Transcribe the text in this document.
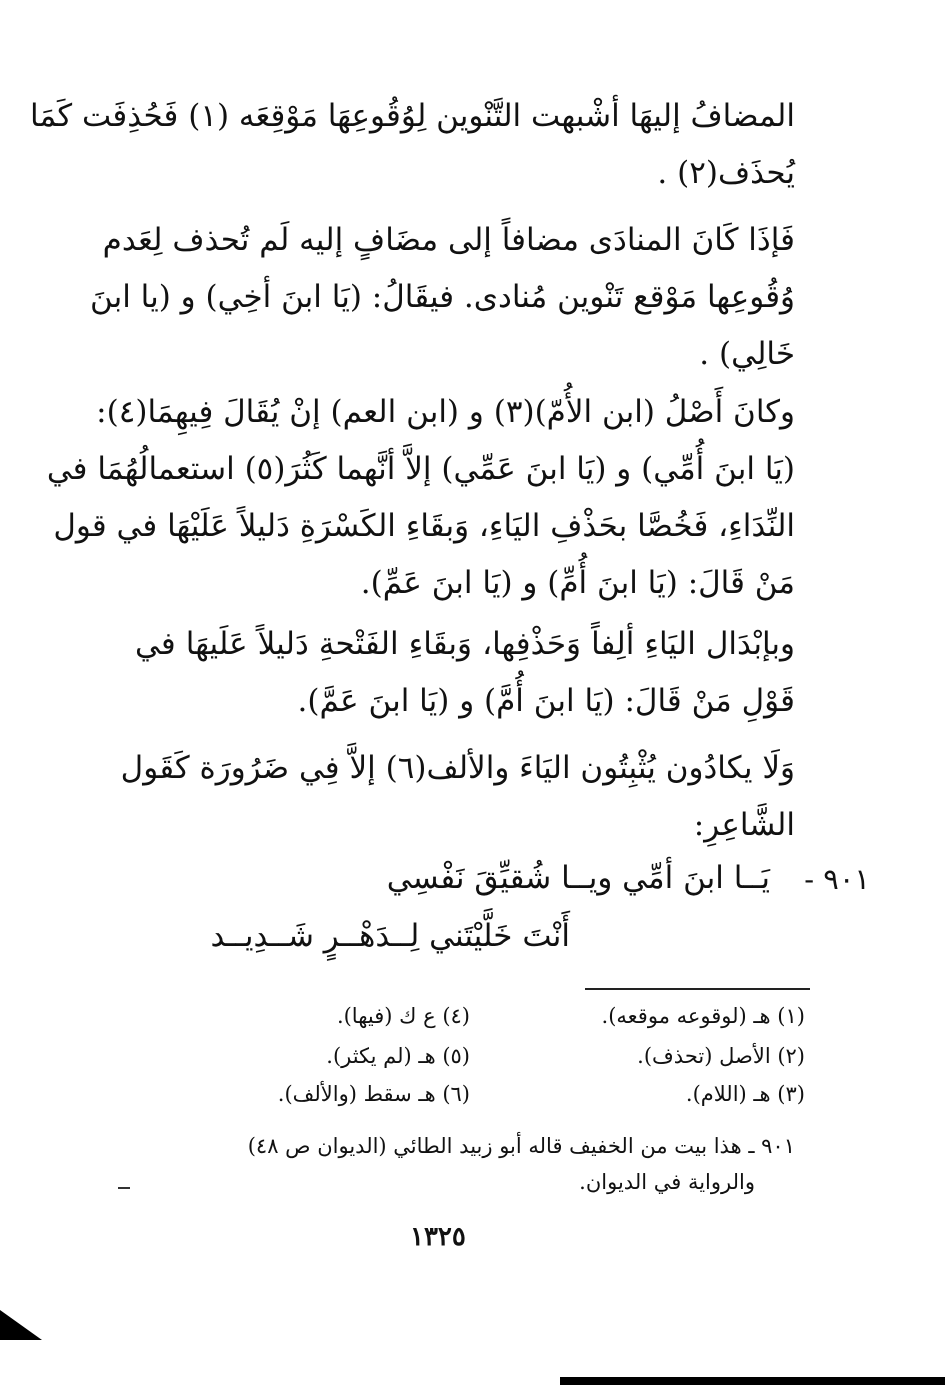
المضافُ إليهَا أشْبهت التَّنْوين لِوُقُوعِهَا مَوْقِعَه (١) فَحُذِفَت كَمَا
يُحذَف(٢) .
فَإذَا كَانَ المنادَى مضافاً إلى مضَافٍ إليه لَم تُحذف لِعَدم
وُقُوعِها مَوْقع تَنْوين مُنادى. فيقَالُ: (يَا ابنَ أخِي) و (يا ابنَ
خَالِي) .
وكانَ أَصْلُ (ابن الأُمّ)(٣) و (ابن العم) إنْ يُقَالَ فِيهِمَا(٤):
(يَا ابنَ أُمِّي) و (يَا ابنَ عَمِّي) إلاَّ أنَّهما كَثُرَ(٥) استعمالُهُمَا في
النِّدَاءِ، فَخُصَّا بحَذْفِ اليَاءِ، وَبقَاءِ الكَسْرَةِ دَليلاً عَلَيْهَا في قول
مَنْ قَالَ: (يَا ابنَ أُمِّ) و (يَا ابنَ عَمِّ).
وبإبْدَال اليَاءِ ألِفاً وَحَذْفِها، وَبقَاءِ الفَتْحةِ دَليلاً عَلَيهَا في
قَوْلِ مَنْ قَالَ: (يَا ابنَ أُمَّ) و (يَا ابنَ عَمَّ).
وَلَا يكادُون يُثْبِتُون اليَاءَ والألف(٦) إلاَّ فِي ضَرُورَة كَقَول
الشَّاعِرِ:
٩٠١ -
يَــا ابنَ أمِّي ويــا شُقيِّقَ نَفْسِي
أَنْتَ خَلَّيْتَني لِــدَهْــرٍ شَــدِيــد
(١) هـ (لوقوعه موقعه).
(٢) الأصل (تحذف).
(٣) هـ (اللام).
(٤) ع ك (فيها).
(٥) هـ (لم يكثر).
(٦) هـ سقط (والألف).
٩٠١ ـ هذا بيت من الخفيف قاله أبو زبيد الطائي (الديوان ص ٤٨)
والرواية في الديوان.
١٣٢٥
